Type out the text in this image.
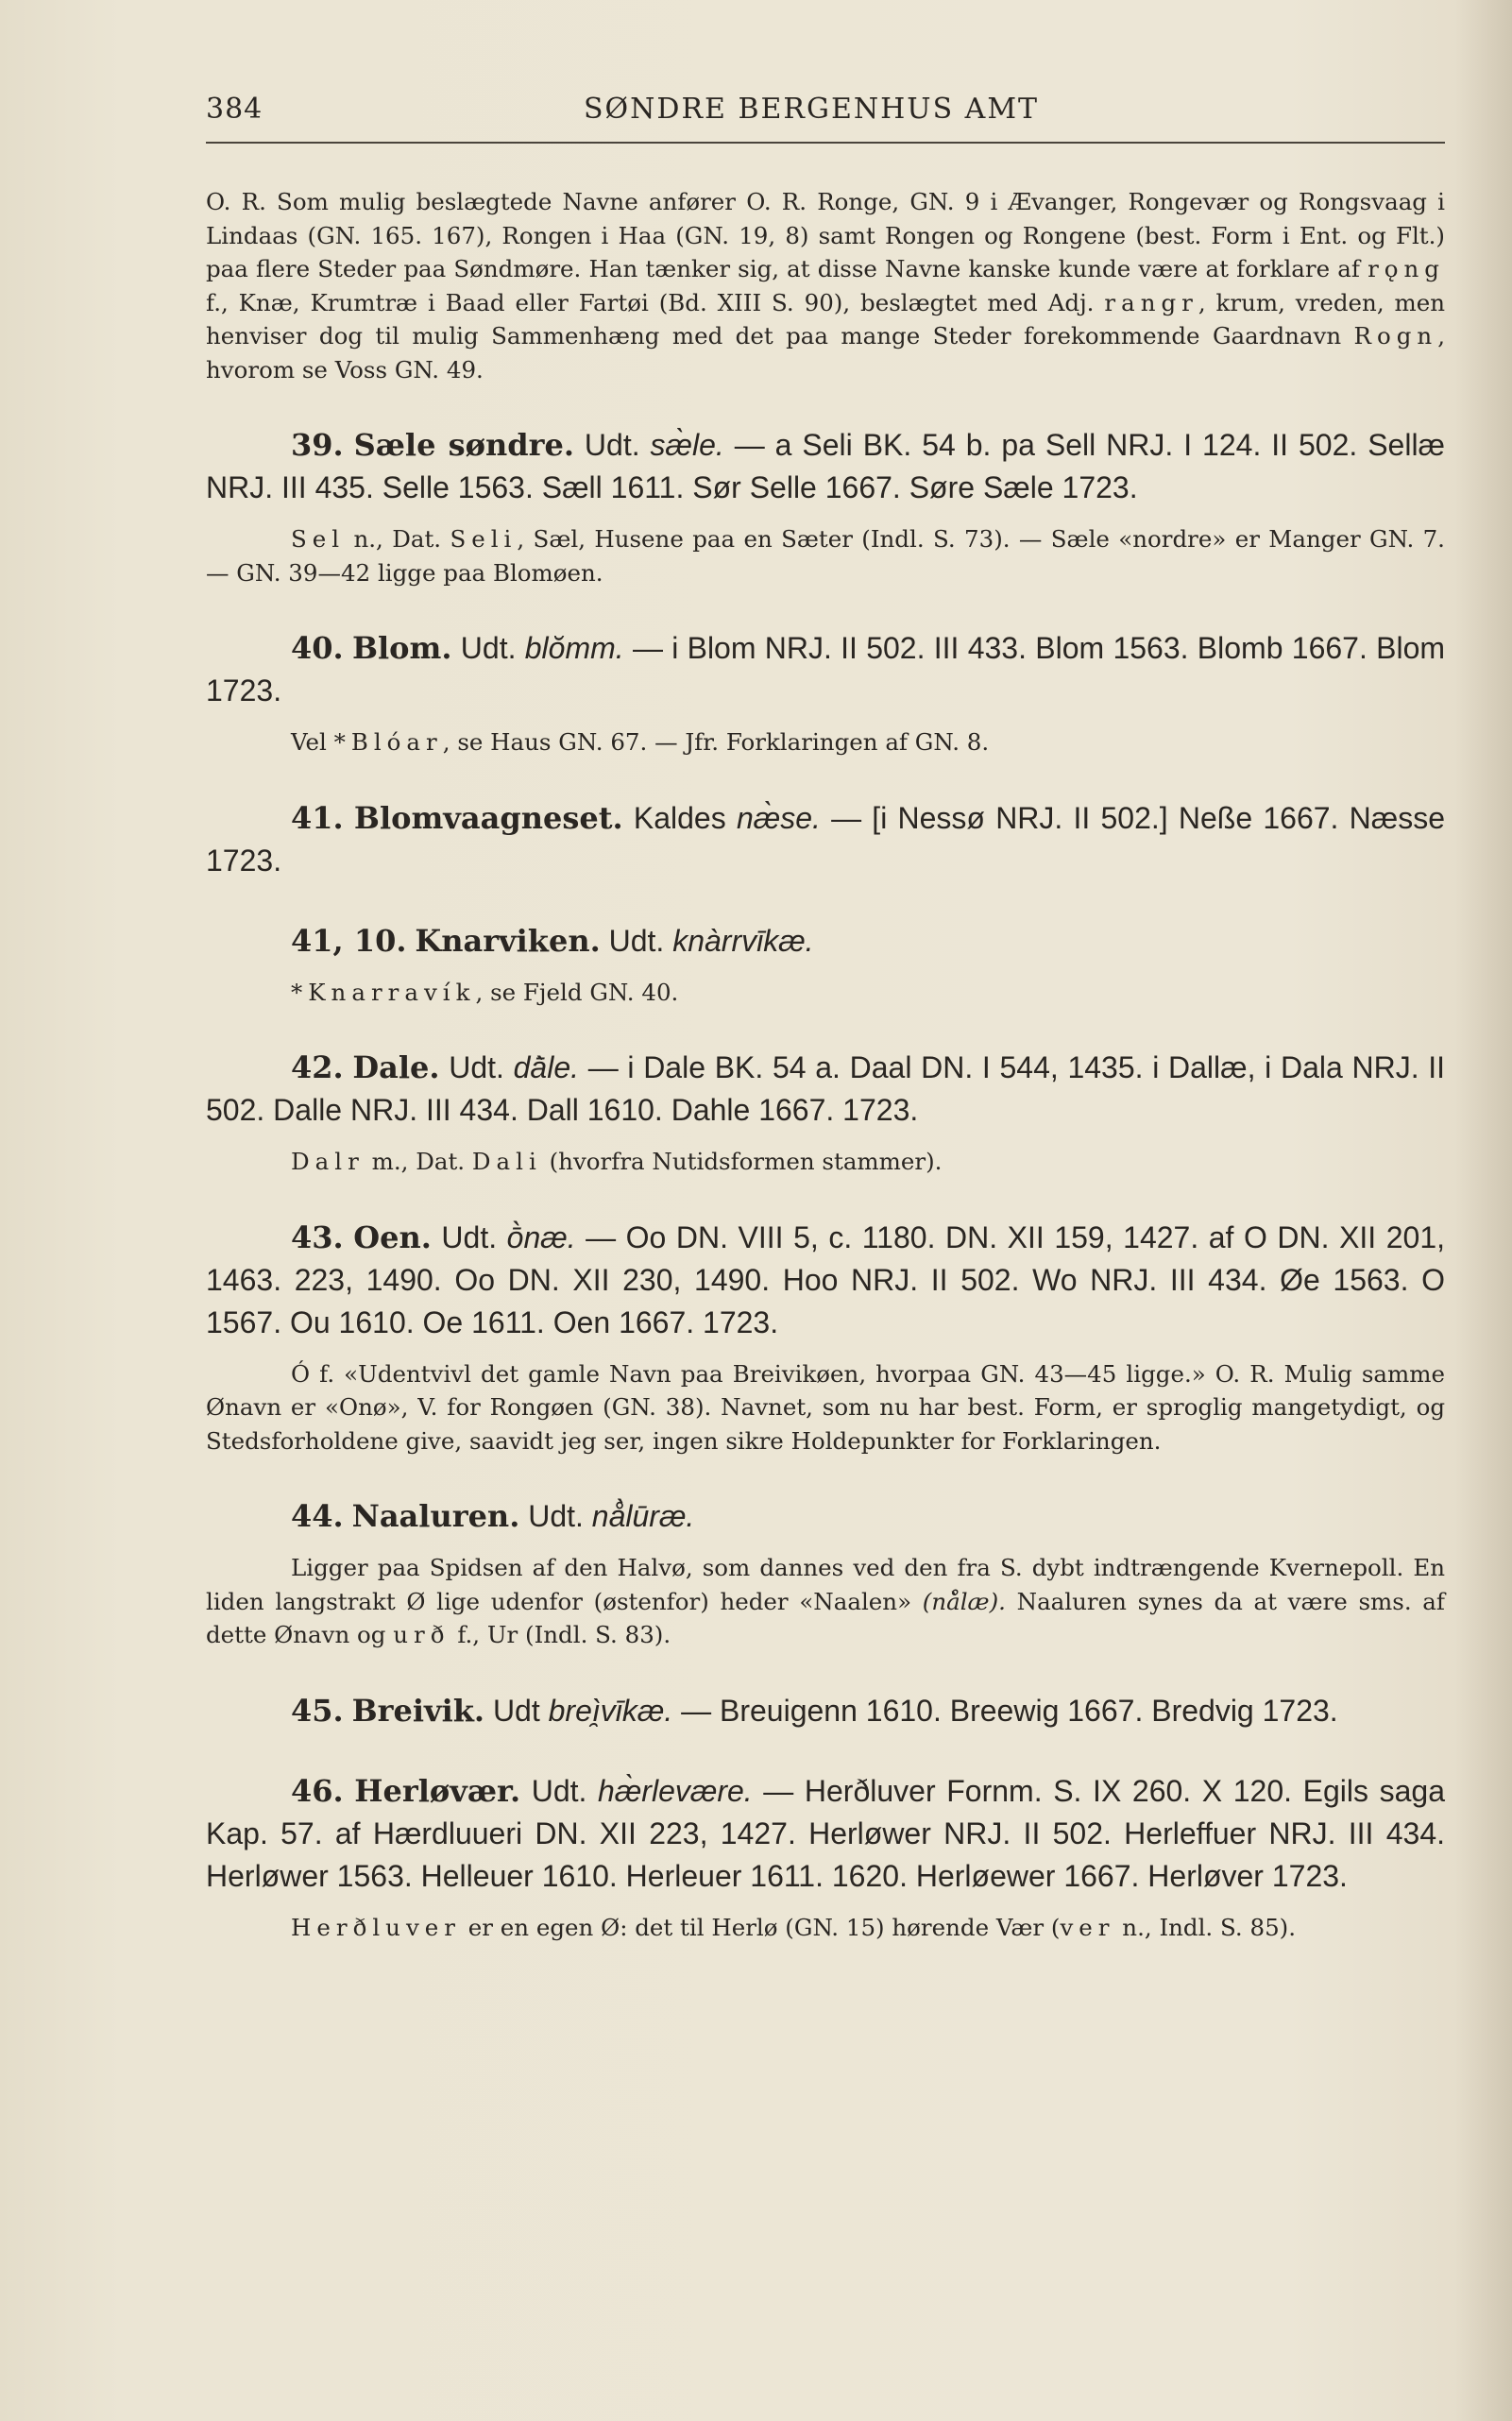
384	SØNDRE BERGENHUS AMT

O. R. Som mulig beslægtede Navne anfører O. R. Ronge, GN. 9 i Ævanger, Rongevær og Rongsvaag i Lindaas (GN. 165. 167), Rongen i Haa (GN. 19, 8) samt Rongen og Rongene (best. Form i Ent. og Flt.) paa flere Steder paa Søndmøre. Han tænker sig, at disse Navne kanske kunde være at forklare af rǫng f., Knæ, Krumtræ i Baad eller Fartøi (Bd. XIII S. 90), beslægtet med Adj. rangr, krum, vreden, men henviser dog til mulig Sammenhæng med det paa mange Steder forekommende Gaardnavn Rogn, hvorom se Voss GN. 49.

39. Sæle søndre. Udt. sæ̀le. — a Seli BK. 54 b. pa Sell NRJ. I 124. II 502. Sellæ NRJ. III 435. Selle 1563. Sæll 1611. Sør Selle 1667. Søre Sæle 1723.

Sel n., Dat. Seli, Sæl, Husene paa en Sæter (Indl. S. 73). — Sæle «nordre» er Manger GN. 7. — GN. 39—42 ligge paa Blomøen.

40. Blom. Udt. blŏmm. — i Blom NRJ. II 502. III 433. Blom 1563. Blomb 1667. Blom 1723.

Vel *Blóar, se Haus GN. 67. — Jfr. Forklaringen af GN. 8.

41. Blomvaagneset. Kaldes næ̀se. — [i Nessø NRJ. II 502.] Neße 1667. Næsse 1723.

41, 10. Knarviken. Udt. knàrrvīkæ.

*Knarravík, se Fjeld GN. 40.

42. Dale. Udt. dā̀le. — i Dale BK. 54 a. Daal DN. I 544, 1435. i Dallæ, i Dala NRJ. II 502. Dalle NRJ. III 434. Dall 1610. Dahle 1667. 1723.

Dalr m., Dat. Dali (hvorfra Nutidsformen stammer).

43. Oen. Udt. ṑnæ. — Oo DN. VIII 5, c. 1180. DN. XII 159, 1427. af O DN. XII 201, 1463. 223, 1490. Oo DN. XII 230, 1490. Hoo NRJ. II 502. Wo NRJ. III 434. Øe 1563. O 1567. Ou 1610. Oe 1611. Oen 1667. 1723.

Ó f. «Udentvivl det gamle Navn paa Breivikøen, hvorpaa GN. 43—45 ligge.» O. R. Mulig samme Ønavn er «Onø», V. for Rongøen (GN. 38). Navnet, som nu har best. Form, er sproglig mangetydigt, og Stedsforholdene give, saavidt jeg ser, ingen sikre Holdepunkter for Forklaringen.

44. Naaluren. Udt. nå̀lūræ.

Ligger paa Spidsen af den Halvø, som dannes ved den fra S. dybt indtrængende Kvernepoll. En liden langstrakt Ø lige udenfor (østenfor) heder «Naalen» (nå̀læ). Naaluren synes da at være sms. af dette Ønavn og urð f., Ur (Indl. S. 83).

45. Breivik. Udt breì̯vīkæ. — Breuigenn 1610. Breewig 1667. Bredvig 1723.

46. Herløvær. Udt. hæ̀rlevære. — Herðluver Fornm. S. IX 260. X 120. Egils saga Kap. 57. af Hærdluueri DN. XII 223, 1427. Herløwer NRJ. II 502. Herleffuer NRJ. III 434. Herløwer 1563. Helleuer 1610. Herleuer 1611. 1620. Herløewer 1667. Herløver 1723.

Herðluver er en egen Ø: det til Herlø (GN. 15) hørende Vær (ver n., Indl. S. 85).
